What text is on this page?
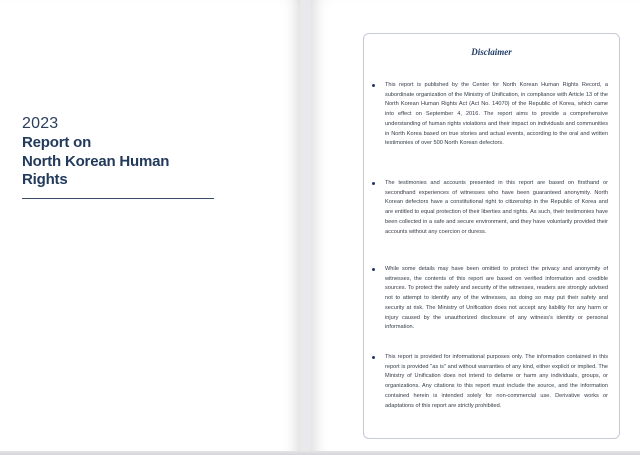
2023
Report on
North Korean Human Rights
Disclaimer
This report is published by the Center for North Korean Human Rights Record, a subordinate organization of the Ministry of Unification, in compliance with Article 13 of the North Korean Human Rights Act (Act No. 14070) of the Republic of Korea, which came into effect on September 4, 2016. The report aims to provide a comprehensive understanding of human rights violations and their impact on individuals and communities in North Korea based on true stories and actual events, according to the oral and written testimonies of over 500 North Korean defectors.
The testimonies and accounts presented in this report are based on firsthand or secondhand experiences of witnesses who have been guaranteed anonymity. North Korean defectors have a constitutional right to citizenship in the Republic of Korea and are entitled to equal protection of their liberties and rights. As such, their testimonies have been collected in a safe and secure environment, and they have voluntarily provided their accounts without any coercion or duress.
While some details may have been omitted to protect the privacy and anonymity of witnesses, the contents of this report are based on verified information and credible sources. To protect the safety and security of the witnesses, readers are strongly advised not to attempt to identify any of the witnesses, as doing so may put their safety and security at risk. The Ministry of Unification does not accept any liability for any harm or injury caused by the unauthorized disclosure of any witness's identity or personal information.
This report is provided for informational purposes only. The information contained in this report is provided "as is" and without warranties of any kind, either explicit or implied. The Ministry of Unification does not intend to defame or harm any individuals, groups, or organizations. Any citations to this report must include the source, and the information contained herein is intended solely for non-commercial use. Derivative works or adaptations of this report are strictly prohibited.
